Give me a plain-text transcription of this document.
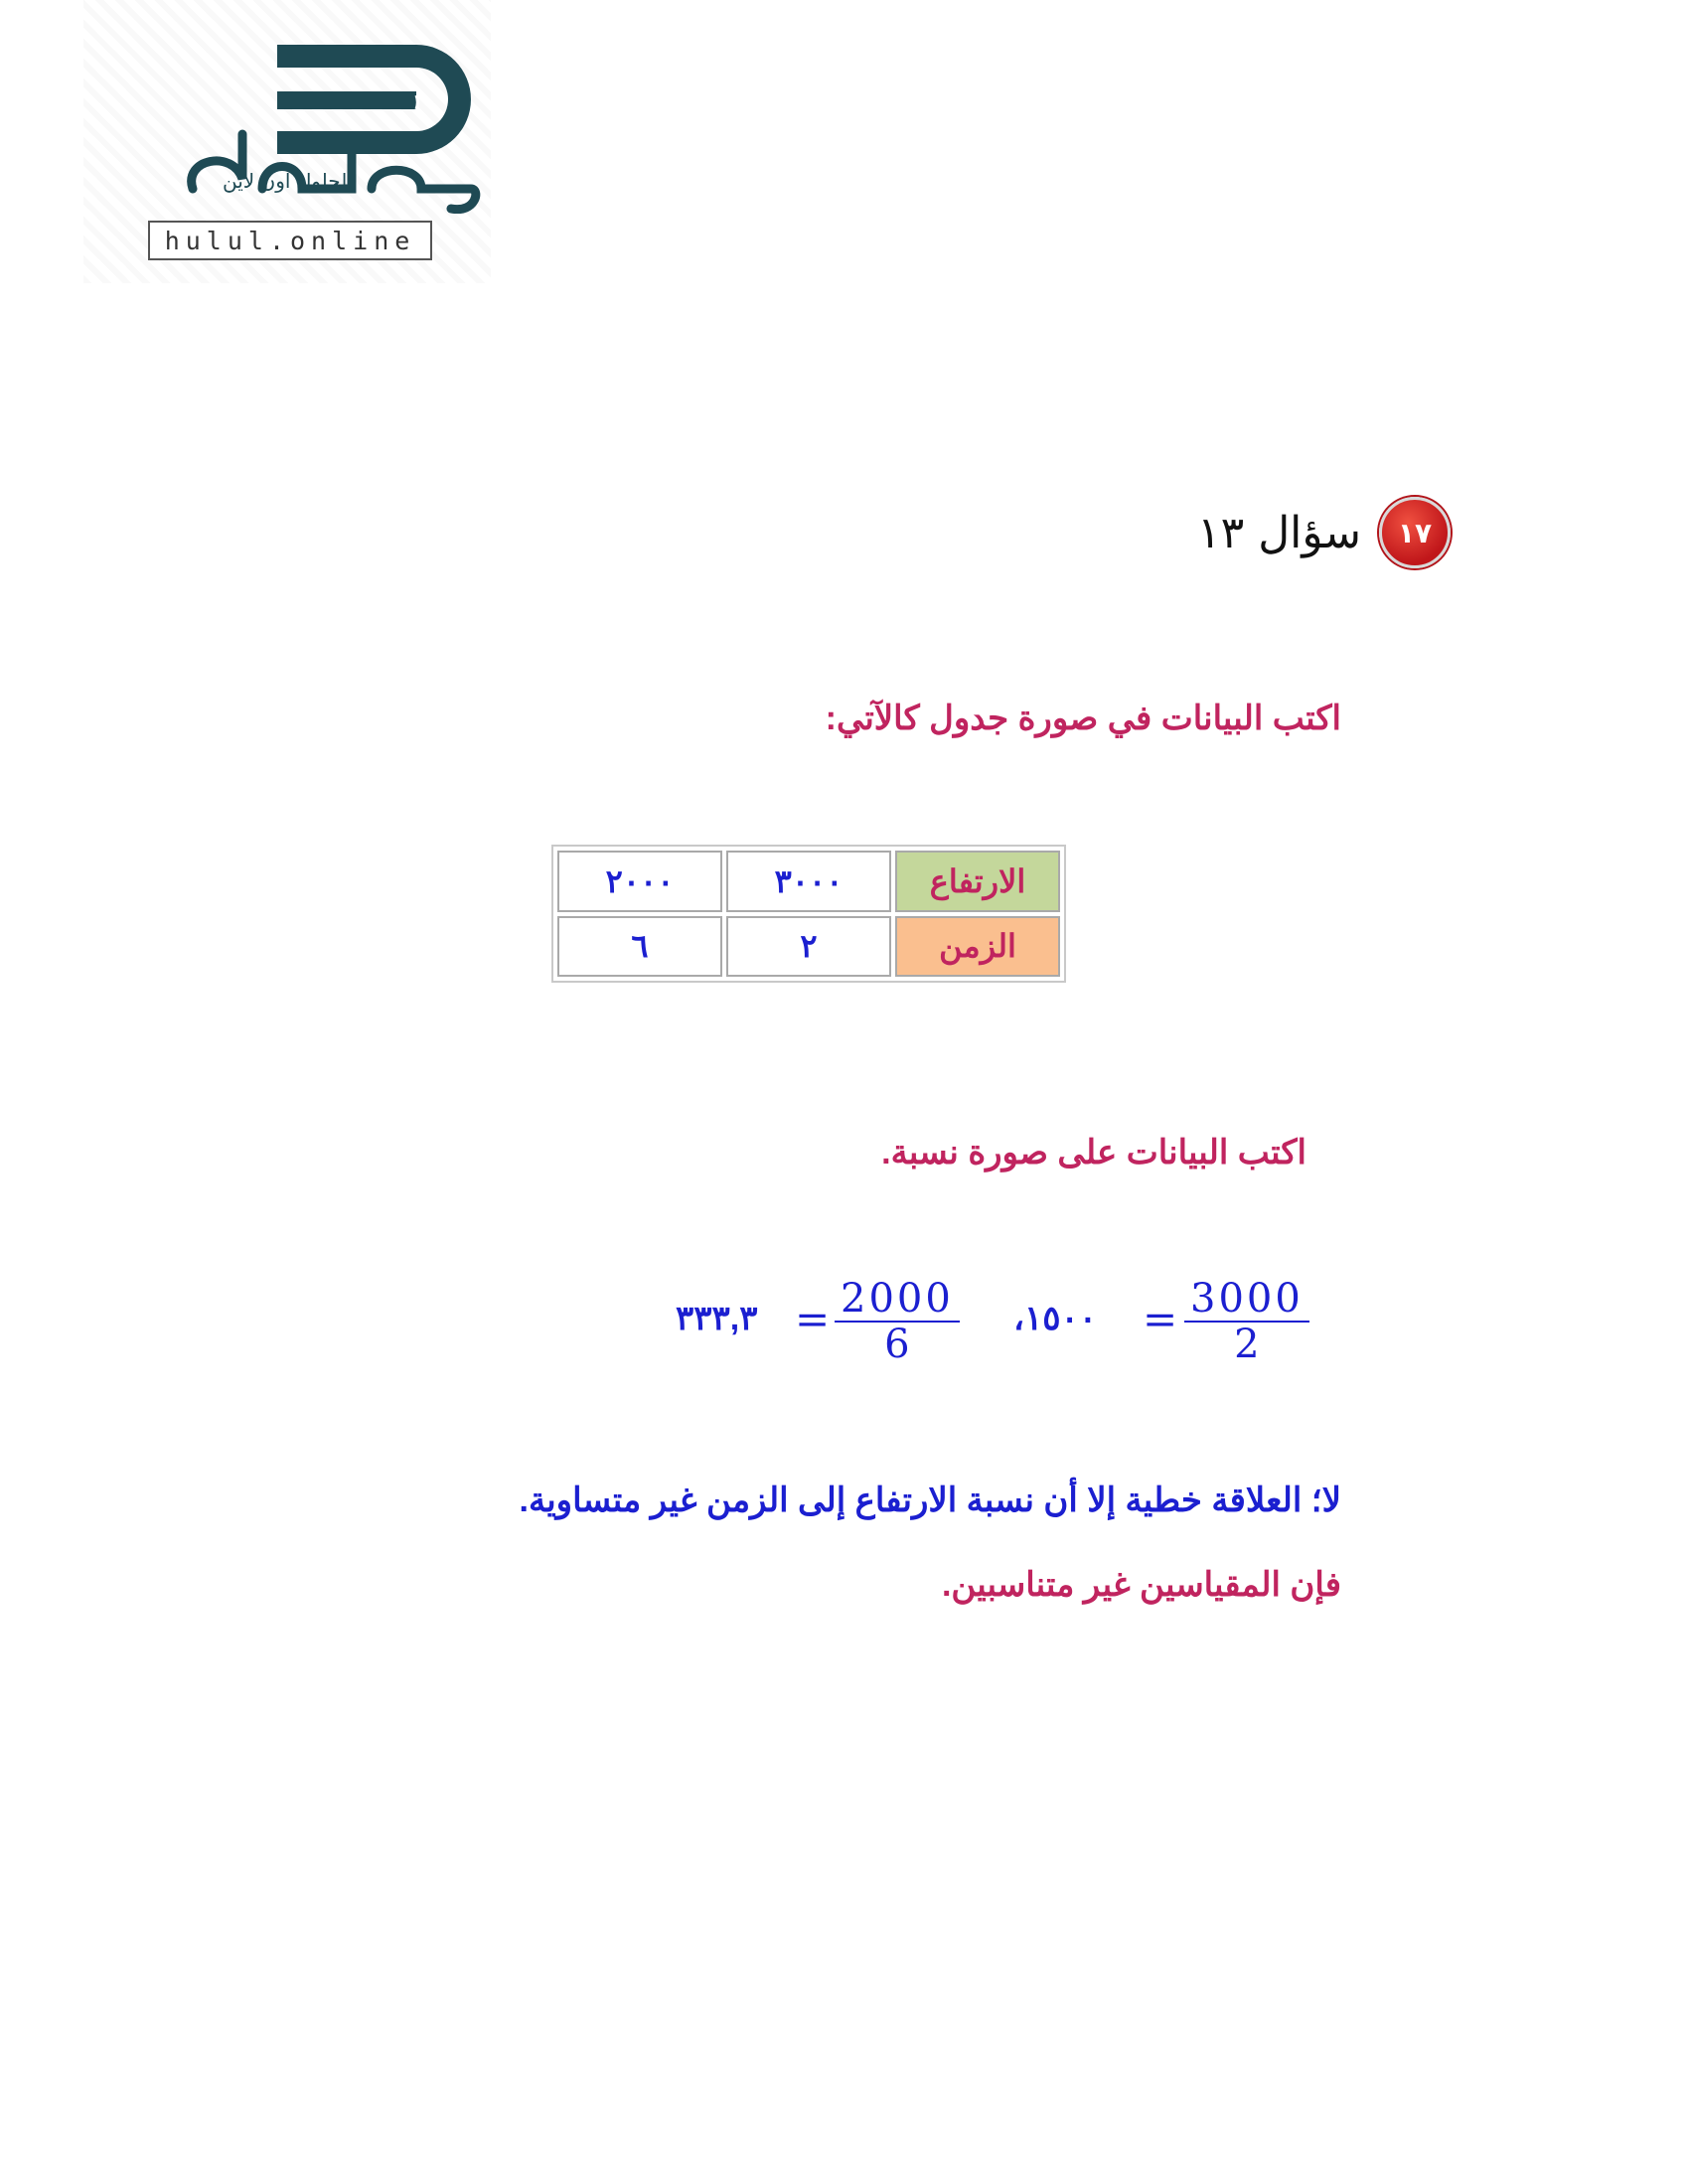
الحلول اون لاين
hulul.online
١٧
سؤال ١٣
اكتب البيانات في صورة جدول كالآتي:
الارتفاع	٣٠٠٠	٢٠٠٠
الزمن	٢	٦
اكتب البيانات على صورة نسبة.
$\frac{3000}{2}$
=
١٥٠٠،
$\frac{2000}{6}$
=
٣٣٣,٣
لا؛ العلاقة خطية إلا أن نسبة الارتفاع إلى الزمن غير متساوية.
فإن المقياسين غير متناسبين.
